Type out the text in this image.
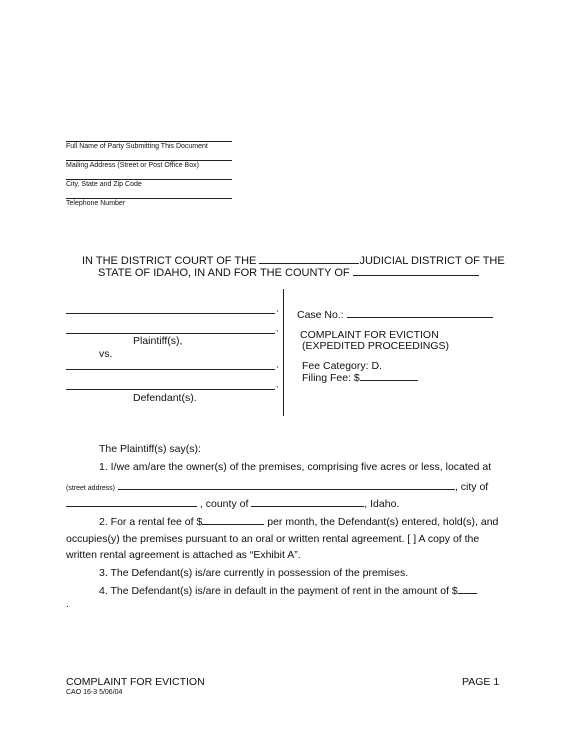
Full Name of Party Submitting This Document
Mailing Address (Street or Post Office Box)
City, State and Zip Code
Telephone Number
IN THE DISTRICT COURT OF THE	JUDICIAL DISTRICT OF THE
STATE OF IDAHO, IN AND FOR THE COUNTY OF
,
,
Plaintiff(s),
vs.
,
,
Defendant(s).
Case No.:
COMPLAINT FOR EVICTION
(EXPEDITED PROCEEDINGS)
Fee Category: D.
Filing Fee: $
The Plaintiff(s) say(s):
1. I/we am/are the owner(s) of the premises, comprising five acres or less, located at
(street address)	, city of
, county of	, Idaho.
2. For a rental fee of $	per month, the Defendant(s) entered, hold(s), and
occupies(y) the premises pursuant to an oral or written rental agreement. [ ] A copy of the
written rental agreement is attached as “Exhibit A”.
3. The Defendant(s) is/are currently in possession of the premises.
4. The Defendant(s) is/are in default in the payment of rent in the amount of $
.
COMPLAINT FOR EVICTION
CAO 16-3 5/06/04
PAGE 1
